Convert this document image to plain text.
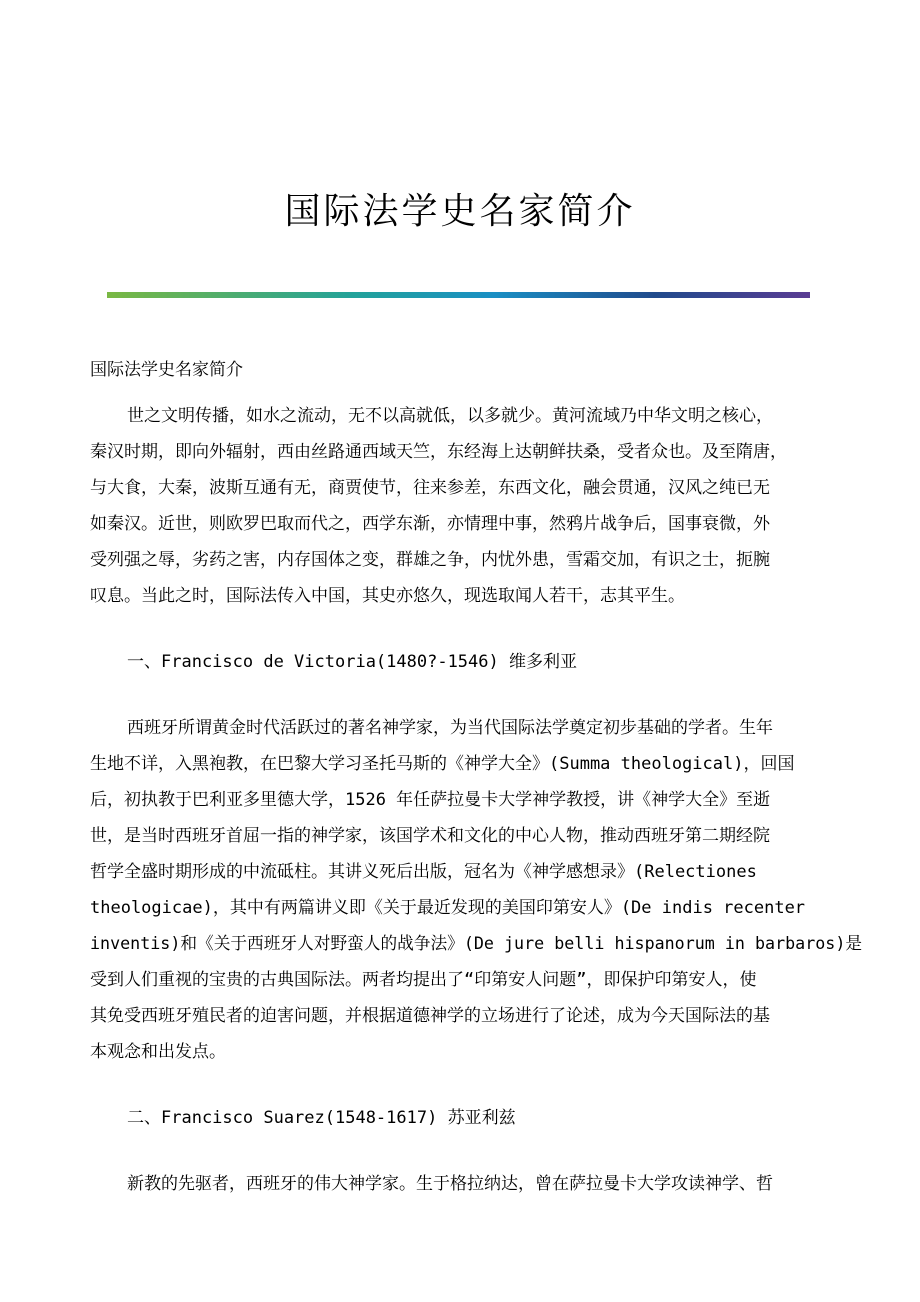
国际法学史名家简介
国际法学史名家简介
世之文明传播，如水之流动，无不以高就低，以多就少。黄河流域乃中华文明之核心，
秦汉时期，即向外辐射，西由丝路通西域天竺，东经海上达朝鲜扶桑，受者众也。及至隋唐，
与大食，大秦，波斯互通有无，商贾使节，往来参差，东西文化，融会贯通，汉风之纯已无
如秦汉。近世，则欧罗巴取而代之，西学东渐，亦情理中事，然鸦片战争后，国事衰微，外
受列强之辱，劣药之害，内存国体之变，群雄之争，内忧外患，雪霜交加，有识之士，扼腕
叹息。当此之时，国际法传入中国，其史亦悠久，现选取闻人若干，志其平生。
一、Francisco de Victoria(1480?-1546) 维多利亚
西班牙所谓黄金时代活跃过的著名神学家，为当代国际法学奠定初步基础的学者。生年
生地不详，入黑袍教，在巴黎大学习圣托马斯的《神学大全》(Summa theological)，回国
后，初执教于巴利亚多里德大学，1526 年任萨拉曼卡大学神学教授，讲《神学大全》至逝
世，是当时西班牙首屈一指的神学家，该国学术和文化的中心人物，推动西班牙第二期经院
哲学全盛时期形成的中流砥柱。其讲义死后出版，冠名为《神学感想录》(Relectiones
theologicae)，其中有两篇讲义即《关于最近发现的美国印第安人》(De indis recenter
inventis)和《关于西班牙人对野蛮人的战争法》(De jure belli hispanorum in barbaros)是
受到人们重视的宝贵的古典国际法。两者均提出了“印第安人问题”，即保护印第安人，使
其免受西班牙殖民者的迫害问题，并根据道德神学的立场进行了论述，成为今天国际法的基
本观念和出发点。
二、Francisco Suarez(1548-1617) 苏亚利兹
新教的先驱者，西班牙的伟大神学家。生于格拉纳达，曾在萨拉曼卡大学攻读神学、哲
